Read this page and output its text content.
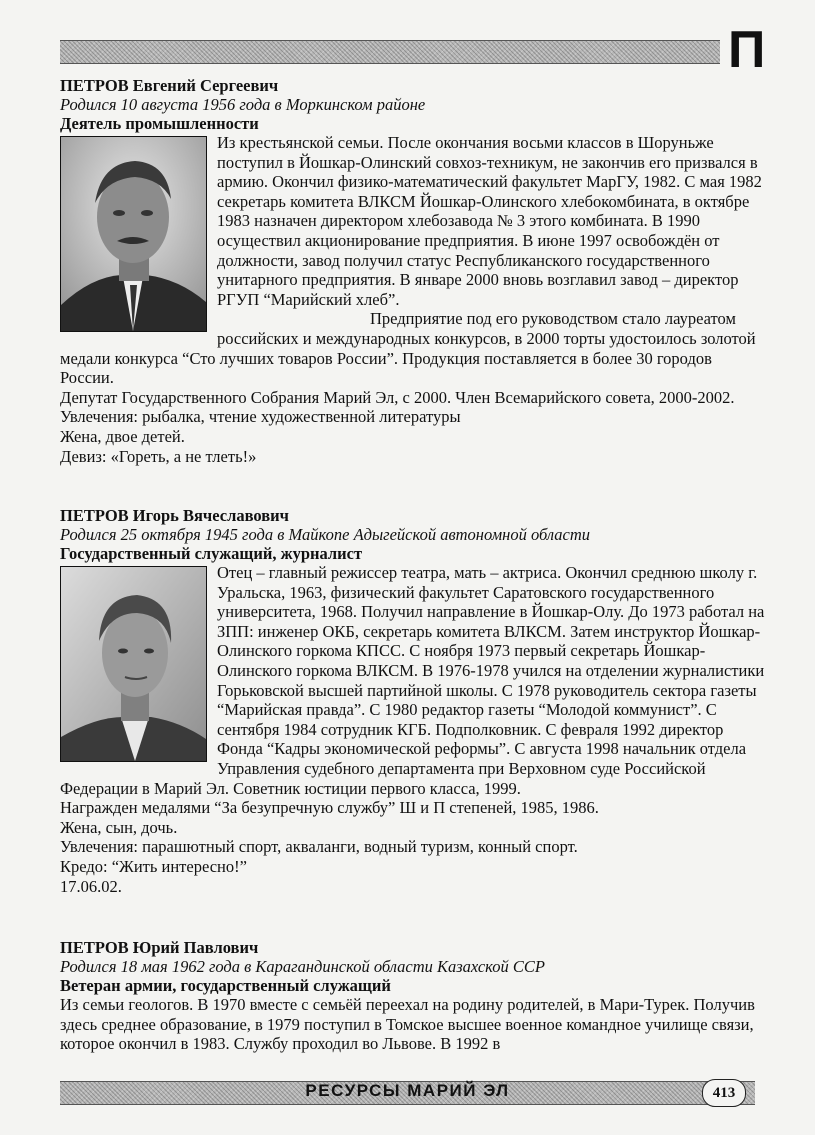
П
ПЕТРОВ Евгений Сергеевич
Родился 10 августа 1956 года в Моркинском районе
Деятель промышленности

Из крестьянской семьи. После окончания восьми классов в Шоруньже поступил в Йошкар-Олинский совхоз-техникум, не закончив его призвался в армию. Окончил физико-математический факультет МарГУ, 1982. С мая 1982 секретарь комитета ВЛКСМ Йошкар-Олинского хлебокомбината, в октябре 1983 назначен директором хлебозавода № 3 этого комбината. В 1990 осуществил акционирование предприятия. В июне 1997 освобождён от должности, завод получил статус Республиканского государственного унитарного предприятия. В январе 2000 вновь возглавил завод – директор РГУП “Марийский хлеб”.

Предприятие под его руководством стало лауреатом российских и международных конкурсов, в 2000 торты удостоилось золотой медали конкурса “Сто лучших товаров России”. Продукция поставляется в более 30 городов России.

Депутат Государственного Собрания Марий Эл, с 2000. Член Всемарийского совета, 2000-2002.

Увлечения: рыбалка, чтение художественной литературы

Жена, двое детей.

Девиз: «Гореть, а не тлеть!»

ПЕТРОВ Игорь Вячеславович
Родился 25 октября 1945 года в Майкопе Адыгейской автономной области
Государственный служащий, журналист

Отец – главный режиссер театра, мать – актриса. Окончил среднюю школу г. Уральска, 1963, физический факультет Саратовского государственного университета, 1968. Получил направление в Йошкар-Олу. До 1973 работал на ЗПП: инженер ОКБ, секретарь комитета ВЛКСМ. Затем инструктор Йошкар-Олинского горкома КПСС. С ноября 1973 первый секретарь Йошкар-Олинского горкома ВЛКСМ. В 1976-1978 учился на отделении журналистики Горьковской высшей партийной школы. С 1978 руководитель сектора газеты “Марийская правда”. С 1980 редактор газеты “Молодой коммунист”. С сентября 1984 сотрудник КГБ. Подполковник. С февраля 1992 директор Фонда “Кадры экономической реформы”. С августа 1998 начальник отдела Управления судебного департамента при Верховном суде Российской Федерации в Марий Эл. Советник юстиции первого класса, 1999.

Награжден медалями “За безупречную службу” Ш и П степеней, 1985, 1986.

Жена, сын, дочь.

Увлечения: парашютный спорт, акваланги, водный туризм, конный спорт.

Кредо: “Жить интересно!”

17.06.02.

ПЕТРОВ Юрий Павлович
Родился 18 мая 1962 года в Карагандинской области Казахской ССР
Ветеран армии, государственный служащий

Из семьи геологов. В 1970 вместе с семьёй переехал на родину родителей, в Мари-Турек. Получив здесь среднее образование, в 1979 поступил в Томское высшее военное командное училище связи, которое окончил в 1983. Службу проходил во Львове. В 1992 в

РЕСУРСЫ МАРИЙ ЭЛ	413
